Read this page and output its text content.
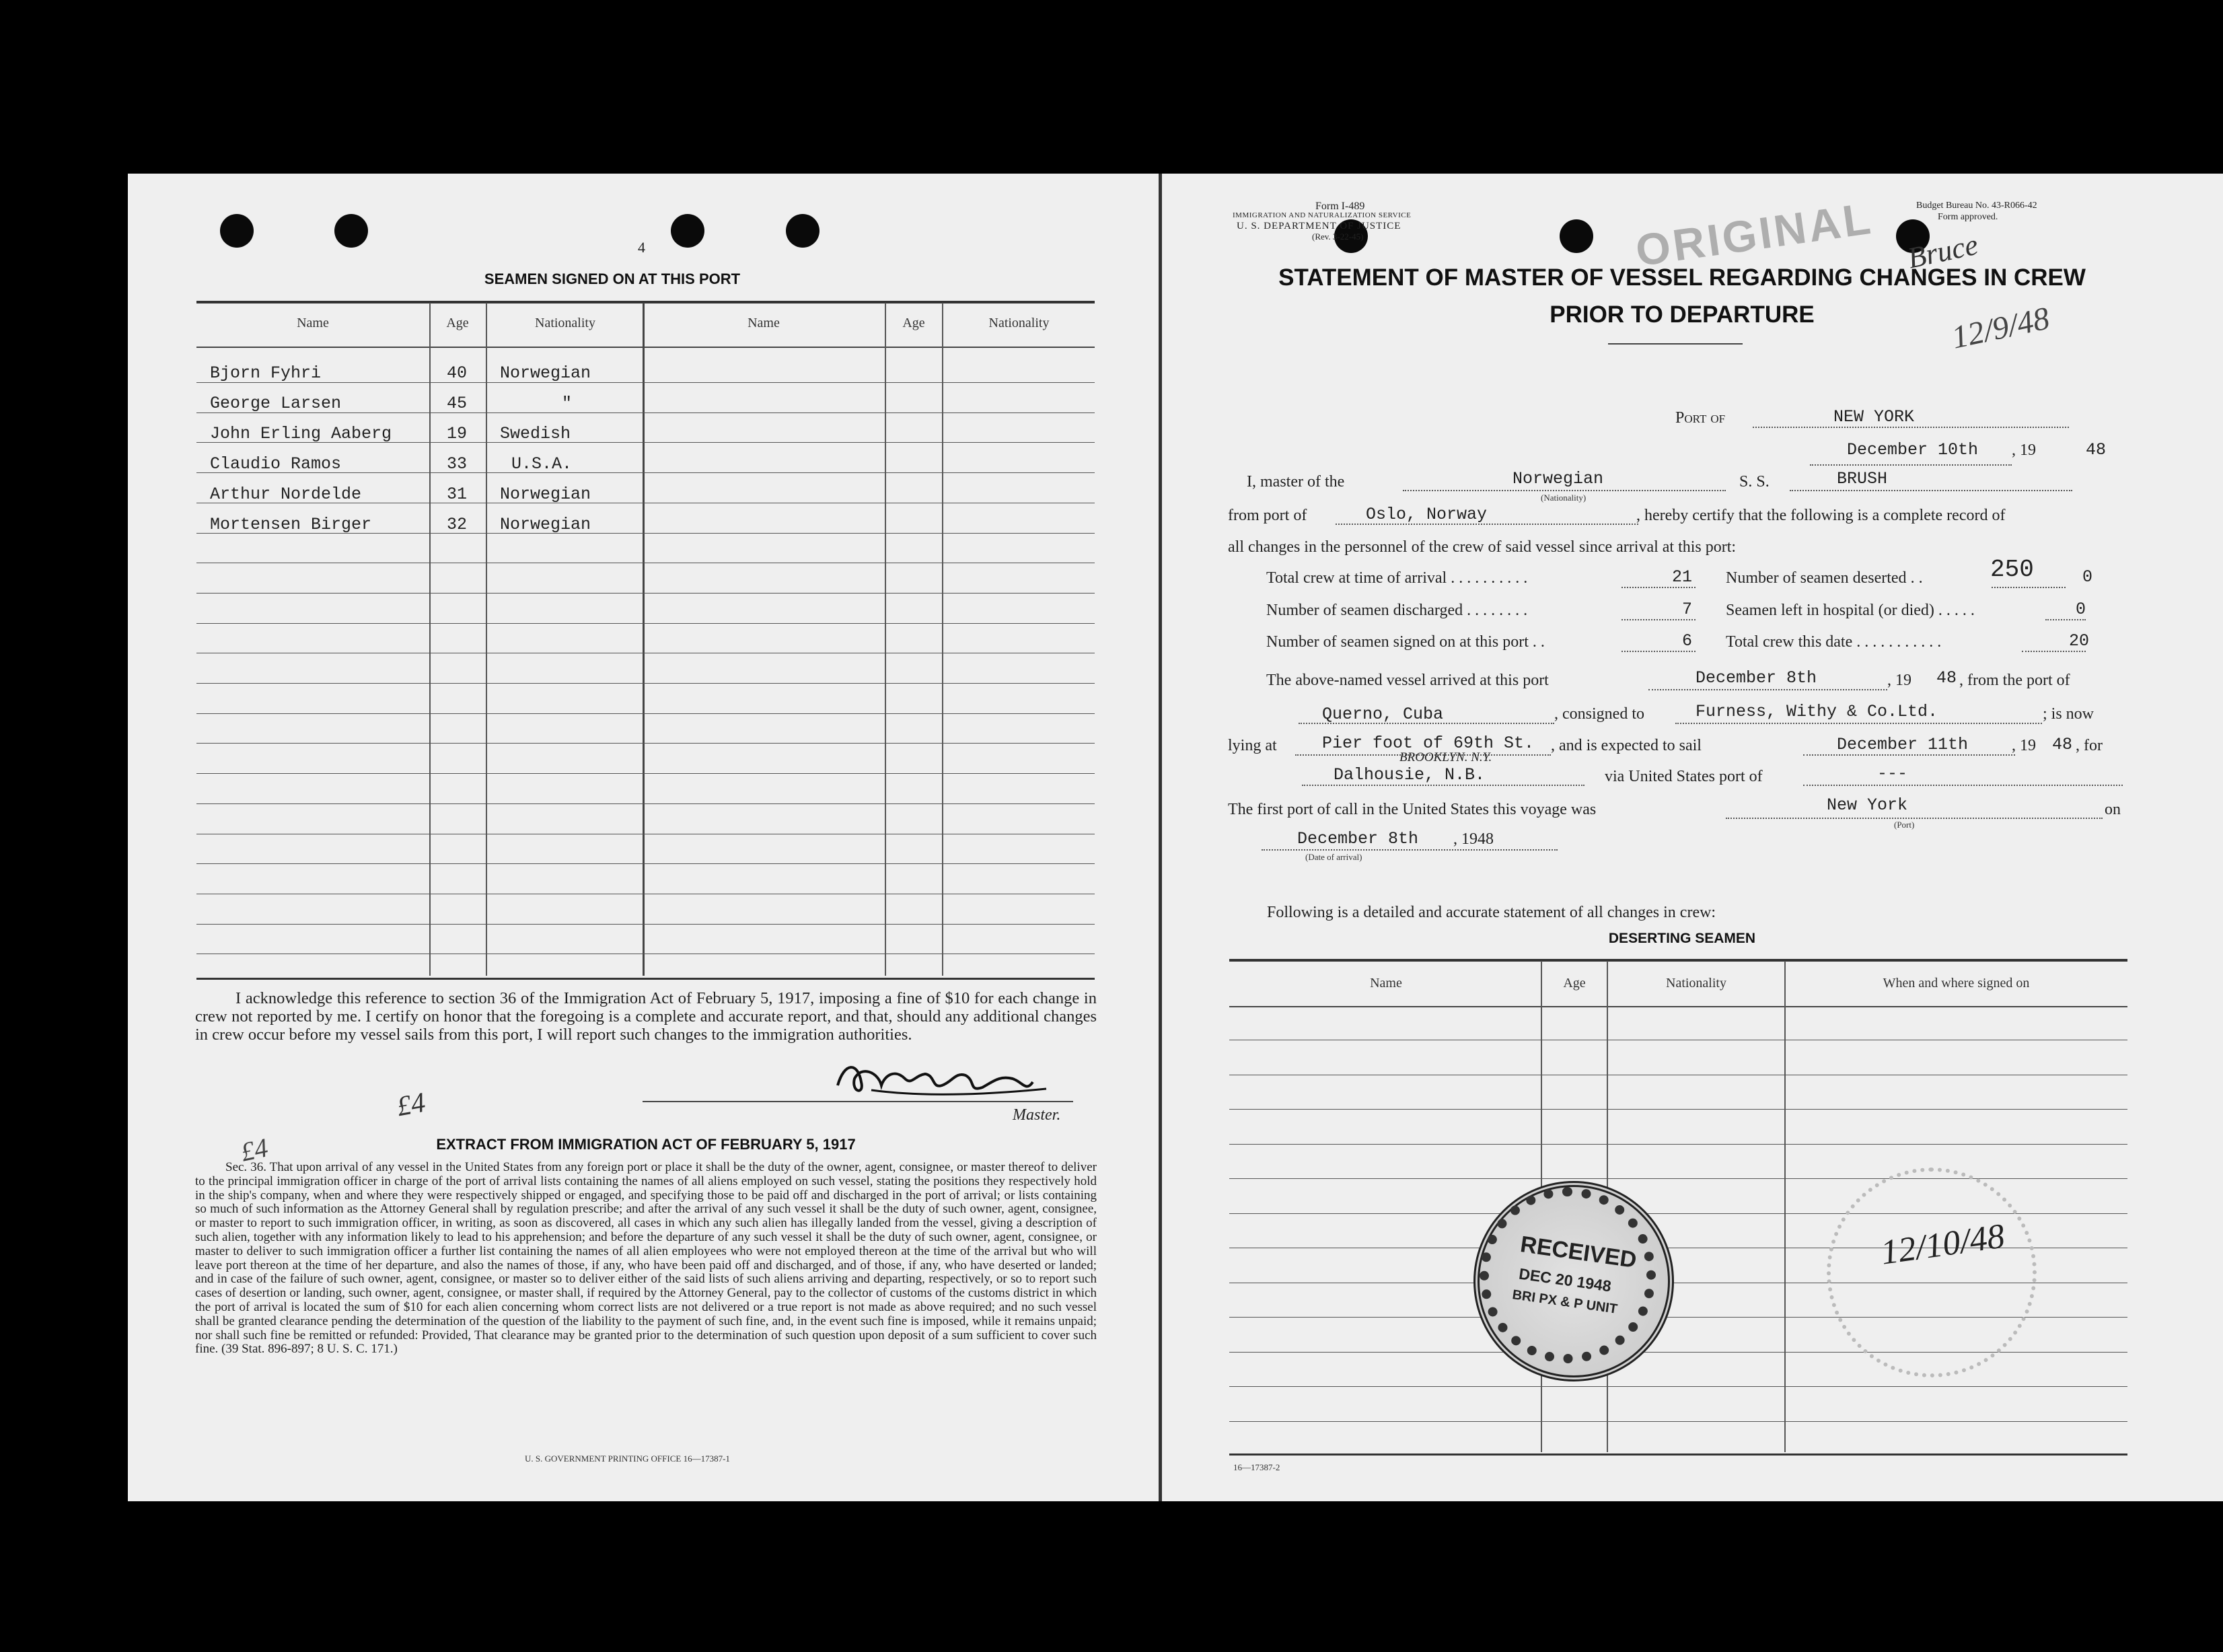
4
SEAMEN SIGNED ON AT THIS PORT
Name	Age	Nationality	Name	Age	Nationality
Bjorn Fyhri	40 Norwegian
George Larsen	45	"
John Erling Aaberg	19 Swedish
Claudio Ramos	33	U.S.A.
Arthur Nordelde	31 Norwegian
Mortensen Birger	32 Norwegian
I acknowledge this reference to section 36 of the Immigration Act of February 5, 1917, imposing a fine of $10 for each change in crew not reported by me. I certify on honor that the foregoing is a complete and accurate report, and that, should any additional changes in crew occur before my vessel sails from this port, I will report such changes to the immigration authorities.
£4
£4
Master.
EXTRACT FROM IMMIGRATION ACT OF FEBRUARY 5, 1917
Sec. 36. That upon arrival of any vessel in the United States from any foreign port or place it shall be the duty of the owner, agent, consignee, or master thereof to deliver to the principal immigration officer in charge of the port of arrival lists containing the names of all aliens employed on such vessel, stating the positions they respectively hold in the ship's company, when and where they were respectively shipped or engaged, and specifying those to be paid off and discharged in the port of arrival; or lists containing so much of such information as the Attorney General shall by regulation prescribe; and after the arrival of any such vessel it shall be the duty of such owner, agent, consignee, or master to report to such immigration officer, in writing, as soon as discovered, all cases in which any such alien has illegally landed from the vessel, giving a description of such alien, together with any information likely to lead to his apprehension; and before the departure of any such vessel it shall be the duty of such owner, agent, consignee, or master to deliver to such immigration officer a further list containing the names of all alien employees who were not employed thereon at the time of the arrival but who will leave port thereon at the time of her departure, and also the names of those, if any, who have been paid off and discharged, and of those, if any, who have deserted or landed; and in case of the failure of such owner, agent, consignee, or master so to deliver either of the said lists of such aliens arriving and departing, respectively, or so to report such cases of desertion or landing, such owner, agent, consignee, or master shall, if required by the Attorney General, pay to the collector of customs of the customs district in which the port of arrival is located the sum of $10 for each alien concerning whom correct lists are not delivered or a true report is not made as above required; and no such vessel shall be granted clearance pending the determination of the question of the liability to the payment of such fine, and, in the event such fine is imposed, while it remains unpaid; nor shall such fine be remitted or refunded: Provided, That clearance may be granted prior to the determination of such question upon deposit of a sum sufficient to cover such fine. (39 Stat. 896-897; 8 U. S. C. 171.)
U. S. GOVERNMENT PRINTING OFFICE 16—17387-1
Form I-489
IMMIGRATION AND NATURALIZATION SERVICE
U. S. DEPARTMENT OF JUSTICE
(Rev. 3-22-45)
Budget Bureau No. 43-R066-42
Form approved.
ORIGINAL Bruce
12/9/48
STATEMENT OF MASTER OF VESSEL REGARDING CHANGES IN CREW
PRIOR TO DEPARTURE
Port of	NEW YORK
December 10th , 19	48
I, master of the	Norwegian
(Nationality)
S. S.	BRUSH
from port of	Oslo, Norway	, hereby certify that the following is a complete record of
all changes in the personnel of the crew of said vessel since arrival at this port:
Total crew at time of arrival . . . . . . . . . .	21
Number of seamen discharged . . . . . . . .	7
Number of seamen signed on at this port . .	6
Number of seamen deserted . .	0
250
Seamen left in hospital (or died) . . . . .	0
Total crew this date . . . . . . . . . . .	20
The above-named vessel arrived at this port	December 8th	, 19 48 , from the port of
Querno, Cuba	, consigned to	Furness, Withy & Co.Ltd.	; is now
lying at	Pier foot of 69th St.
BROOKLYN. N.Y.
, and is expected to sail	December 11th	, 19 48 , for
Dalhousie, N.B.	via United States port of	---
The first port of call in the United States this voyage was	New York
(Port)
on
December 8th , 1948
(Date of arrival)
Following is a detailed and accurate statement of all changes in crew:
DESERTING SEAMEN
Name	Age	Nationality	When and where signed on
16—17387-2
RECEIVED
DEC 20 1948
BRI PX & P UNIT
12/10/48
